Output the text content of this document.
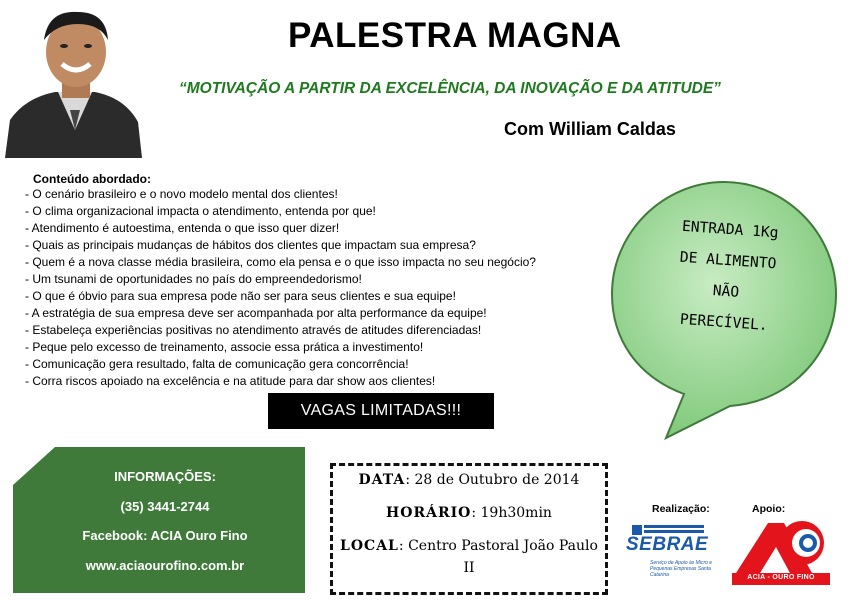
PALESTRA MAGNA
“MOTIVAÇÃO A PARTIR DA EXCELÊNCIA, DA INOVAÇÃO E DA ATITUDE”
Com William Caldas
Conteúdo abordado:
- O cenário brasileiro e o novo modelo mental dos clientes!
- O clima organizacional impacta o atendimento, entenda por que!
- Atendimento é autoestima, entenda o que isso quer dizer!
- Quais as principais mudanças de hábitos dos clientes que impactam sua empresa?
- Quem é a nova classe média brasileira, como ela pensa e o que isso impacta no seu negócio?
- Um tsunami de oportunidades no país do empreendedorismo!
- O que é óbvio para sua empresa pode não ser para seus clientes e sua equipe!
- A estratégia de sua empresa deve ser acompanhada por alta performance da equipe!
- Estabeleça experiências positivas no atendimento através de atitudes diferenciadas!
- Peque pelo excesso de treinamento, associe essa prática a investimento!
- Comunicação gera resultado, falta de comunicação gera concorrência!
- Corra riscos apoiado na excelência e na atitude para dar show aos clientes!
ENTRADA 1Kg
DE ALIMENTO
NÃO
PERECÍVEL.
VAGAS LIMITADAS!!!
INFORMAÇÕES:
(35) 3441-2744
Facebook: ACIA Ouro Fino
www.aciaourofino.com.br
DATA: 28 de Outubro de 2014
HORÁRIO: 19h30min
LOCAL: Centro Pastoral João Paulo II
Realização:	Apoio:
SEBRAE
Serviço de Apoio às Micro e Pequenas Empresas Santa Catarina	ACIA - OURO FINO
